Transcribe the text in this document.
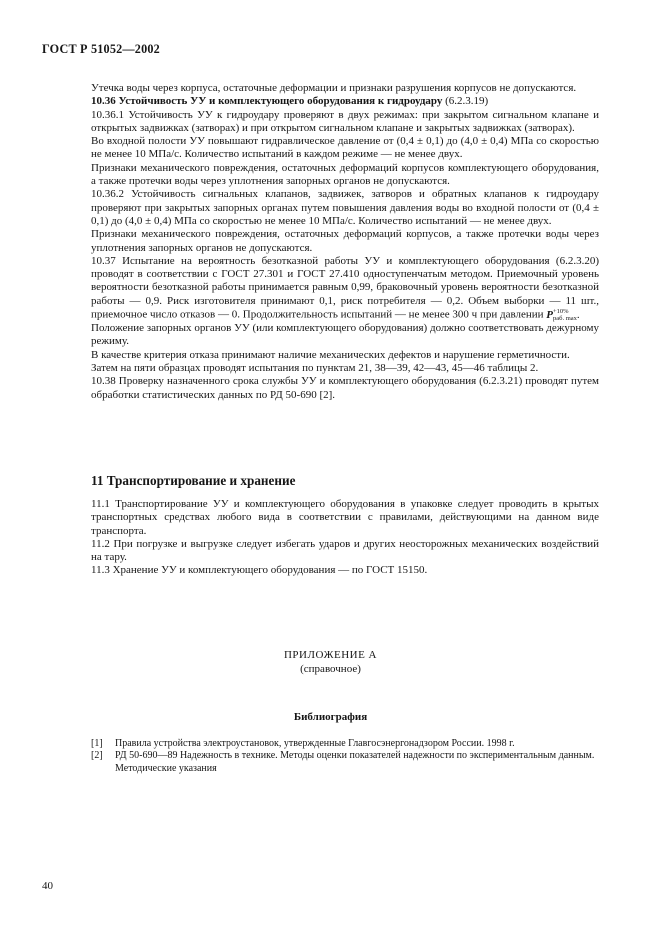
ГОСТ Р 51052—2002

Утечка воды через корпуса, остаточные деформации и признаки разрушения корпусов не допускаются.

10.36 Устойчивость УУ и комплектующего оборудования к гидроудару (6.2.3.19)

10.36.1 Устойчивость УУ к гидроудару проверяют в двух режимах: при закрытом сигнальном клапане и открытых задвижках (затворах) и при открытом сигнальном клапане и закрытых задвижках (затворах).

Во входной полости УУ повышают гидравлическое давление от (0,4 ± 0,1) до (4,0 ± 0,4) МПа со скоростью не менее 10 МПа/с. Количество испытаний в каждом режиме — не менее двух.

Признаки механического повреждения, остаточных деформаций корпусов комплектующего оборудования, а также протечки воды через уплотнения запорных органов не допускаются.

10.36.2 Устойчивость сигнальных клапанов, задвижек, затворов и обратных клапанов к гидроудару проверяют при закрытых запорных органах путем повышения давления воды во входной полости от (0,4 ± 0,1) до (4,0 ± 0,4) МПа со скоростью не менее 10 МПа/с. Количество испытаний — не менее двух.

Признаки механического повреждения, остаточных деформаций корпусов, а также протечки воды через уплотнения запорных органов не допускаются.

10.37 Испытание на вероятность безотказной работы УУ и комплектующего оборудования (6.2.3.20) проводят в соответствии с ГОСТ 27.301 и ГОСТ 27.410 одноступенчатым методом. Приемочный уровень вероятности безотказной работы принимается равным 0,99, браковочный уровень вероятности безотказной работы — 0,9. Риск изготовителя принимают 0,1, риск потребителя — 0,2. Объем выборки — 11 шт., приемочное число отказов — 0. Продолжительность испытаний — не менее 300 ч при давлении P +10%
раб. max .

Положение запорных органов УУ (или комплектующего оборудования) должно соответствовать дежурному режиму.

В качестве критерия отказа принимают наличие механических дефектов и нарушение герметичности.

Затем на пяти образцах проводят испытания по пунктам 21, 38—39, 42—43, 45—46 таблицы 2.

10.38 Проверку назначенного срока службы УУ и комплектующего оборудования (6.2.3.21) проводят путем обработки статистических данных по РД 50-690 [2].

11 Транспортирование и хранение

11.1 Транспортирование УУ и комплектующего оборудования в упаковке следует проводить в крытых транспортных средствах любого вида в соответствии с правилами, действующими на данном виде транспорта.

11.2 При погрузке и выгрузке следует избегать ударов и других неосторожных механических воздействий на тару.

11.3 Хранение УУ и комплектующего оборудования — по ГОСТ 15150.

ПРИЛОЖЕНИЕ А
(справочное)
Библиография
[1]	Правила устройства электроустановок, утвержденные Главгосэнергонадзором России. 1998 г.
[2]	РД 50-690—89 Надежность в технике. Методы оценки показателей надежности по экспериментальным данным. Методические указания
40
